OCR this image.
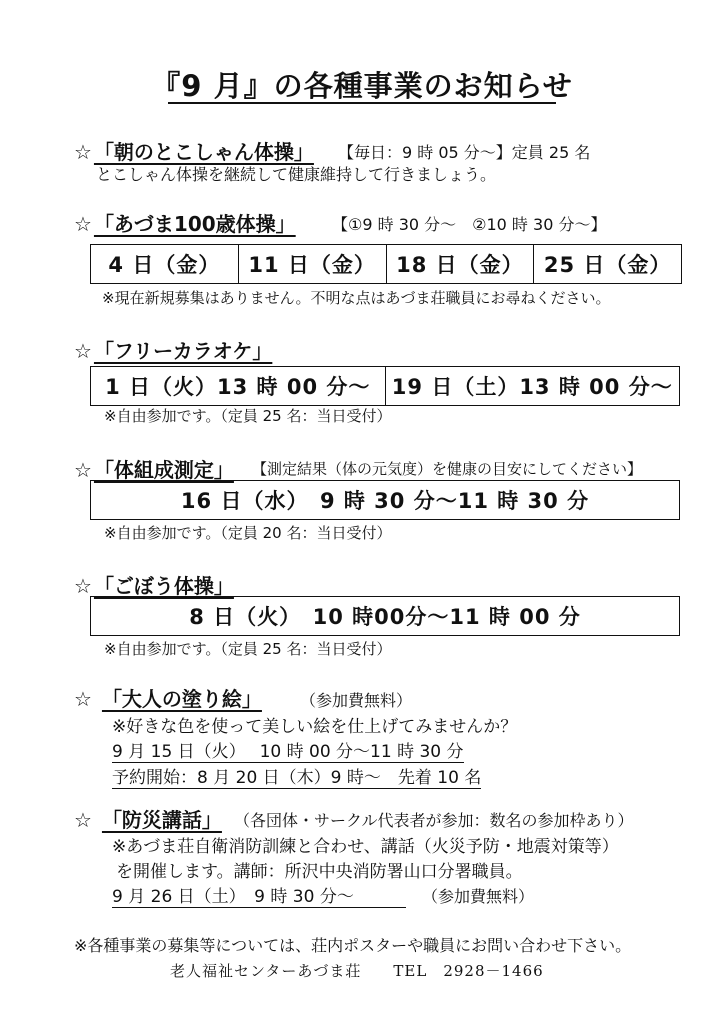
『9 月』の各種事業のお知らせ
☆ 「朝のとこしゃん体操」 【毎日：9 時 05 分～】定員 25 名
とこしゃん体操を継続して健康維持して行きましょう。
☆ 「あづま100歳体操」 【①9 時 30 分～　②10 時 30 分～】
4 日（金）	11 日（金） 18 日（金） 25 日（金）
※現在新規募集はありません。不明な点はあづま荘職員にお尋ねください。
☆ 「フリーカラオケ」
1 日（火）13 時 00 分～	19 日（土）13 時 00 分～
※自由参加です。（定員 25 名：当日受付）
☆ 「体組成測定」 【測定結果（体の元気度）を健康の目安にしてください】
16 日（水）　9 時 30 分～11 時 30 分
※自由参加です。（定員 20 名：当日受付）
☆ 「ごぼう体操」
8 日（火）　10 時00分～11 時 00 分
※自由参加です。（定員 25 名：当日受付）
☆ 「大人の塗り絵」 （参加費無料）
※好きな色を使って美しい絵を仕上げてみませんか？
9 月 15 日（火）　 10 時 00 分～11 時 30 分
予約開始：8 月 20 日（木）9 時～　先着 10 名
☆ 「防災講話」 （各団体・サークル代表者が参加：数名の参加枠あり）
※あづま荘自衛消防訓練と合わせ、講話（火災予防・地震対策等）
を開催します。講師：所沢中央消防署山口分署職員。
9 月 26 日（土）　9 時 30 分～	（参加費無料）
※各種事業の募集等については、荘内ポスターや職員にお問い合わせ下さい。
老人福祉センターあづま荘　　TEL　2928－1466
